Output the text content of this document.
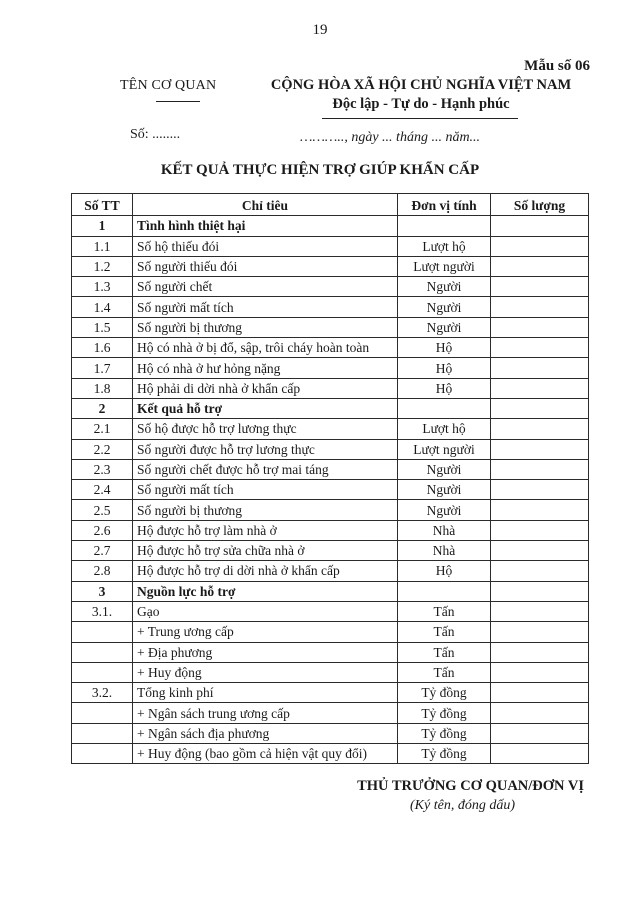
19
Mẫu số 06
TÊN CƠ QUAN	CỘNG HÒA XÃ HỘI CHỦ NGHĨA VIỆT NAM
Độc lập - Tự do - Hạnh phúc
Số: ........	……….., ngày ... tháng ... năm...
KẾT QUẢ THỰC HIỆN TRỢ GIÚP KHẨN CẤP
Số TT	Chỉ tiêu	Đơn vị tính	Số lượng
1	Tình hình thiệt hại		
1.1	Số hộ thiếu đói	Lượt hộ	
1.2	Số người thiếu đói	Lượt người	
1.3	Số người chết	Người	
1.4	Số người mất tích	Người	
1.5	Số người bị thương	Người	
1.6	Hộ có nhà ở bị đổ, sập, trôi cháy hoàn toàn	Hộ	
1.7	Hộ có nhà ở hư hỏng nặng	Hộ	
1.8	Hộ phải di dời nhà ở khẩn cấp	Hộ	
2	Kết quả hỗ trợ		
2.1	Số hộ được hỗ trợ lương thực	Lượt hộ	
2.2	Số người được hỗ trợ lương thực	Lượt người	
2.3	Số người chết được hỗ trợ mai táng	Người	
2.4	Số người mất tích	Người	
2.5	Số người bị thương	Người	
2.6	Hộ được hỗ trợ làm nhà ở	Nhà	
2.7	Hộ được hỗ trợ sửa chữa nhà ở	Nhà	
2.8	Hộ được hỗ trợ di dời nhà ở khẩn cấp	Hộ	
3	Nguồn lực hỗ trợ		
3.1.	Gạo	Tấn	
	+ Trung ương cấp	Tấn	
	+ Địa phương	Tấn	
	+ Huy động	Tấn	
3.2.	Tổng kinh phí	Tỷ đồng	
	+ Ngân sách trung ương cấp	Tỷ đồng	
	+ Ngân sách địa phương	Tỷ đồng	
	+ Huy động (bao gồm cả hiện vật quy đổi)	Tỷ đồng	
THỦ TRƯỞNG CƠ QUAN/ĐƠN VỊ
(Ký tên, đóng dấu)
